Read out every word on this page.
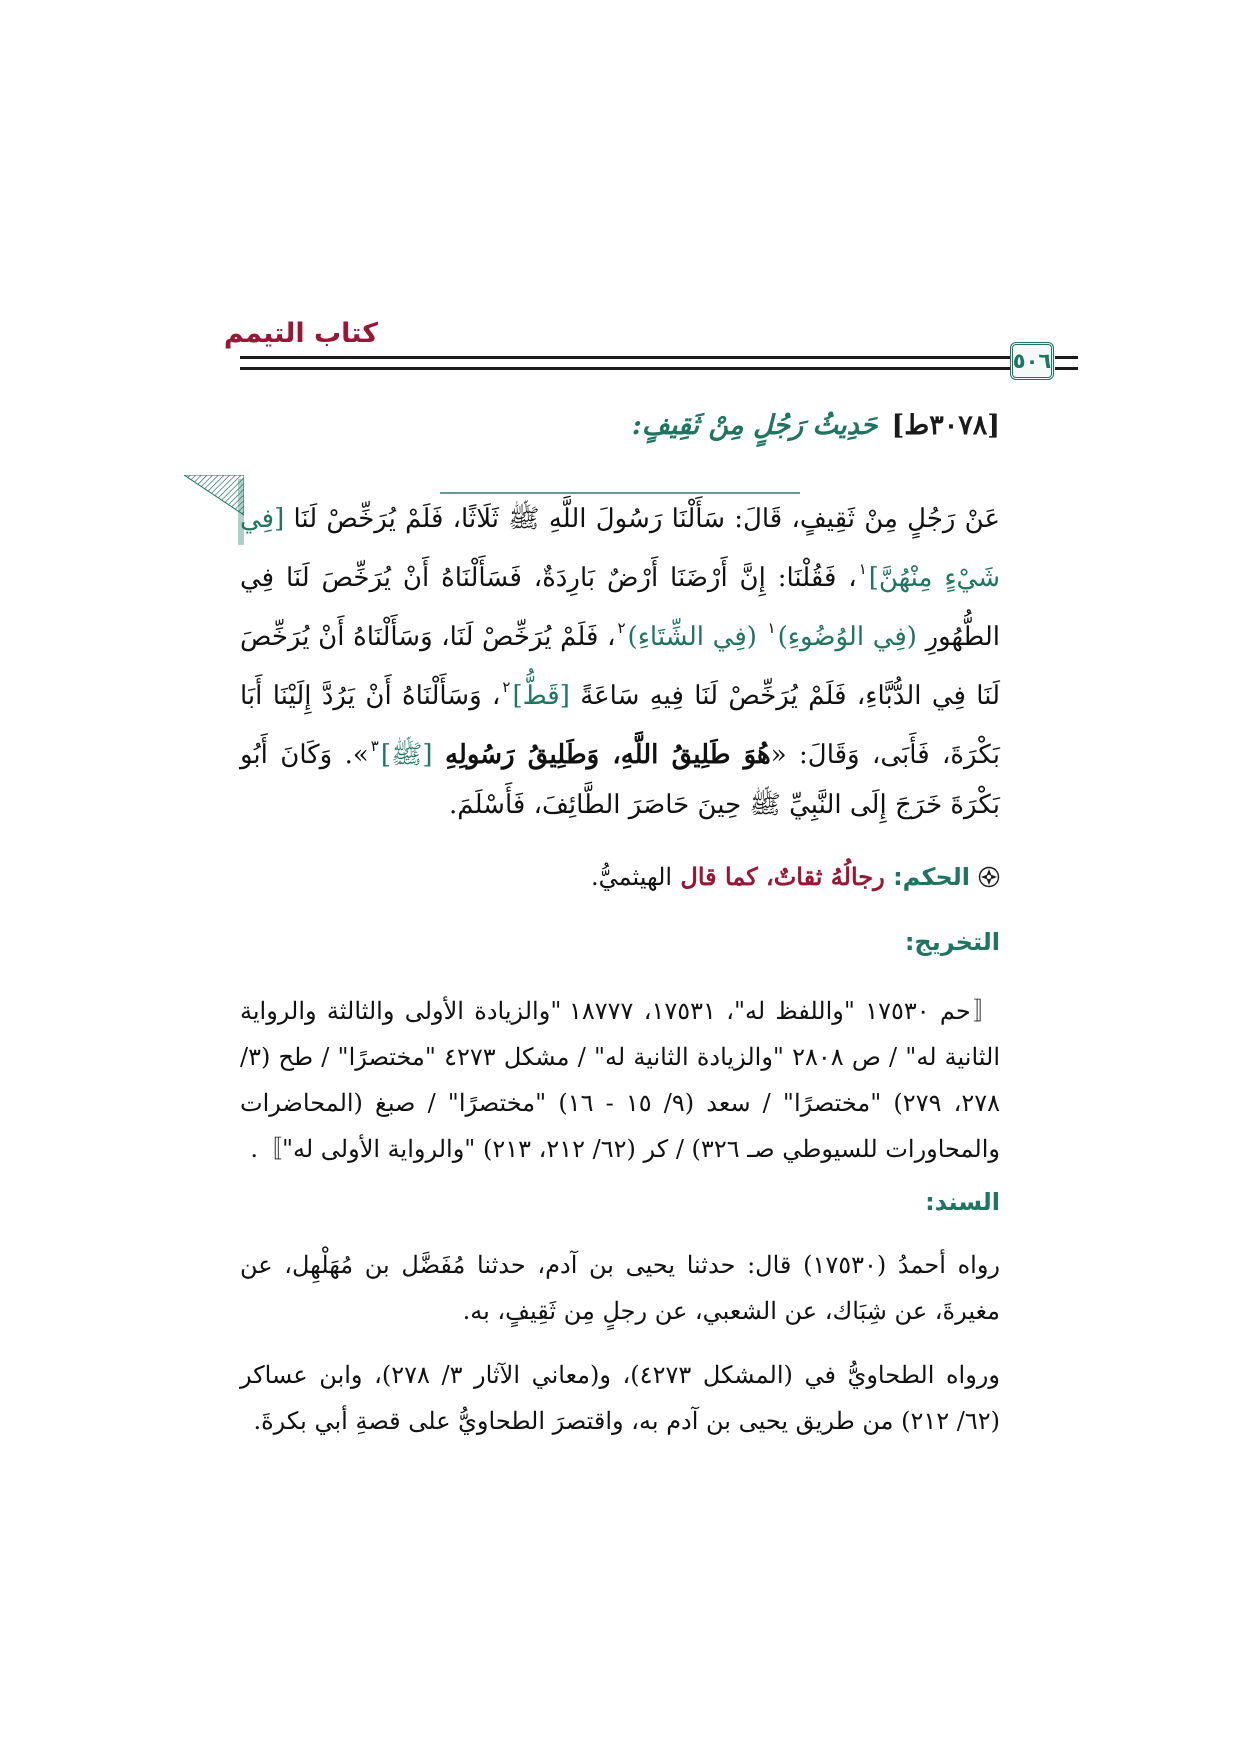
كتاب التيمم
٥٠٦
[٣٠٧٨ط]حَدِيثُ رَجُلٍ مِنْ ثَقِيفٍ:
عَنْ رَجُلٍ مِنْ ثَقِيفٍ، قَالَ: سَأَلْنَا رَسُولَ اللَّهِ ﷺ ثَلَاثًا، فَلَمْ يُرَخِّصْ لَنَا [فِي شَيْءٍ مِنْهُنَّ]$^١$، فَقُلْنَا: إِنَّ أَرْضَنَا أَرْضٌ بَارِدَةٌ، فَسَأَلْنَاهُ أَنْ يُرَخِّصَ لَنَا فِي الطُّهُورِ (فِي الوُضُوءِ)$^١$ (فِي الشِّتَاءِ)$^٢$، فَلَمْ يُرَخِّصْ لَنَا، وَسَأَلْنَاهُ أَنْ يُرَخِّصَ لَنَا فِي الدُّبَّاءِ، فَلَمْ يُرَخِّصْ لَنَا فِيهِ سَاعَةً [قَطُّ]$^٢$، وَسَأَلْنَاهُ أَنْ يَرُدَّ إِلَيْنَا أَبَا بَكْرَةَ، فَأَبَى، وَقَالَ: «هُوَ طَلِيقُ اللَّهِ، وَطَلِيقُ رَسُولِهِ [ﷺ]$^٣$». وَكَانَ أَبُو بَكْرَةَ خَرَجَ إِلَى النَّبِيِّ ﷺ حِينَ حَاصَرَ الطَّائِفَ، فَأَسْلَمَ.
الحكم: رجالُهُ ثقاتٌ، كما قال الهيثميُّ.
التخريج:
〚حم ١٧٥٣٠ "واللفظ له"، ١٧٥٣١، ١٨٧٧٧ "والزيادة الأولى والثالثة والرواية الثانية له" / ص ٢٨٠٨ "والزيادة الثانية له" / مشكل ٤٢٧٣ "مختصرًا" / طح (٣/ ٢٧٨، ٢٧٩) "مختصرًا" / سعد (٩/ ١٥ - ١٦) "مختصرًا" / صبغ (المحاضرات والمحاورات للسيوطي صـ ٣٢٦) / كر (٦٢/ ٢١٢، ٢١٣) "والرواية الأولى له"〛.
السند:
رواه أحمدُ (١٧٥٣٠) قال: حدثنا يحيى بن آدم، حدثنا مُفَضَّل بن مُهَلْهِل، عن مغيرةَ، عن شِبَاك، عن الشعبي، عن رجلٍ مِن ثَقِيفٍ، به.
ورواه الطحاويُّ في (المشكل ٤٢٧٣)، و(معاني الآثار ٣/ ٢٧٨)، وابن عساكر (٦٢/ ٢١٢) من طريق يحيى بن آدم به، واقتصرَ الطحاويُّ على قصةِ أبي بكرةَ.
